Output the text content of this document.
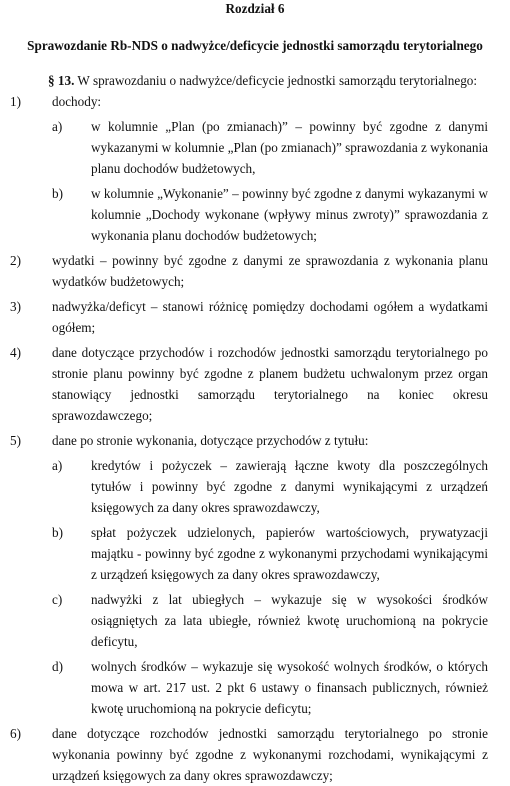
Rozdział 6
Sprawozdanie Rb-NDS o nadwyżce/deficycie jednostki samorządu terytorialnego
§ 13. W sprawozdaniu o nadwyżce/deficycie jednostki samorządu terytorialnego:
1) dochody:
a) w kolumnie „Plan (po zmianach)” – powinny być zgodne z danymi wykazanymi w kolumnie „Plan (po zmianach)” sprawozdania z wykonania planu dochodów budżetowych,
b) w kolumnie „Wykonanie” – powinny być zgodne z danymi wykazanymi w kolumnie „Dochody wykonane (wpływy minus zwroty)” sprawozdania z wykonania planu dochodów budżetowych;
2) wydatki – powinny być zgodne z danymi ze sprawozdania z wykonania planu wydatków budżetowych;
3) nadwyżka/deficyt – stanowi różnicę pomiędzy dochodami ogółem a wydatkami ogółem;
4) dane dotyczące przychodów i rozchodów jednostki samorządu terytorialnego po stronie planu powinny być zgodne z planem budżetu uchwalonym przez organ stanowiący jednostki samorządu terytorialnego na koniec okresu sprawozdawczego;
5) dane po stronie wykonania, dotyczące przychodów z tytułu:
a) kredytów i pożyczek – zawierają łączne kwoty dla poszczególnych tytułów i powinny być zgodne z danymi wynikającymi z urządzeń księgowych za dany okres sprawozdawczy,
b) spłat pożyczek udzielonych, papierów wartościowych, prywatyzacji majątku - powinny być zgodne z wykonanymi przychodami wynikającymi z urządzeń księgowych za dany okres sprawozdawczy,
c) nadwyżki z lat ubiegłych – wykazuje się w wysokości środków osiągniętych za lata ubiegłe, również kwotę uruchomioną na pokrycie deficytu,
d) wolnych środków – wykazuje się wysokość wolnych środków, o których mowa w art. 217 ust. 2 pkt 6 ustawy o finansach publicznych, również kwotę uruchomioną na pokrycie deficytu;
6) dane dotyczące rozchodów jednostki samorządu terytorialnego po stronie wykonania powinny być zgodne z wykonanymi rozchodami, wynikającymi z urządzeń księgowych za dany okres sprawozdawczy;
